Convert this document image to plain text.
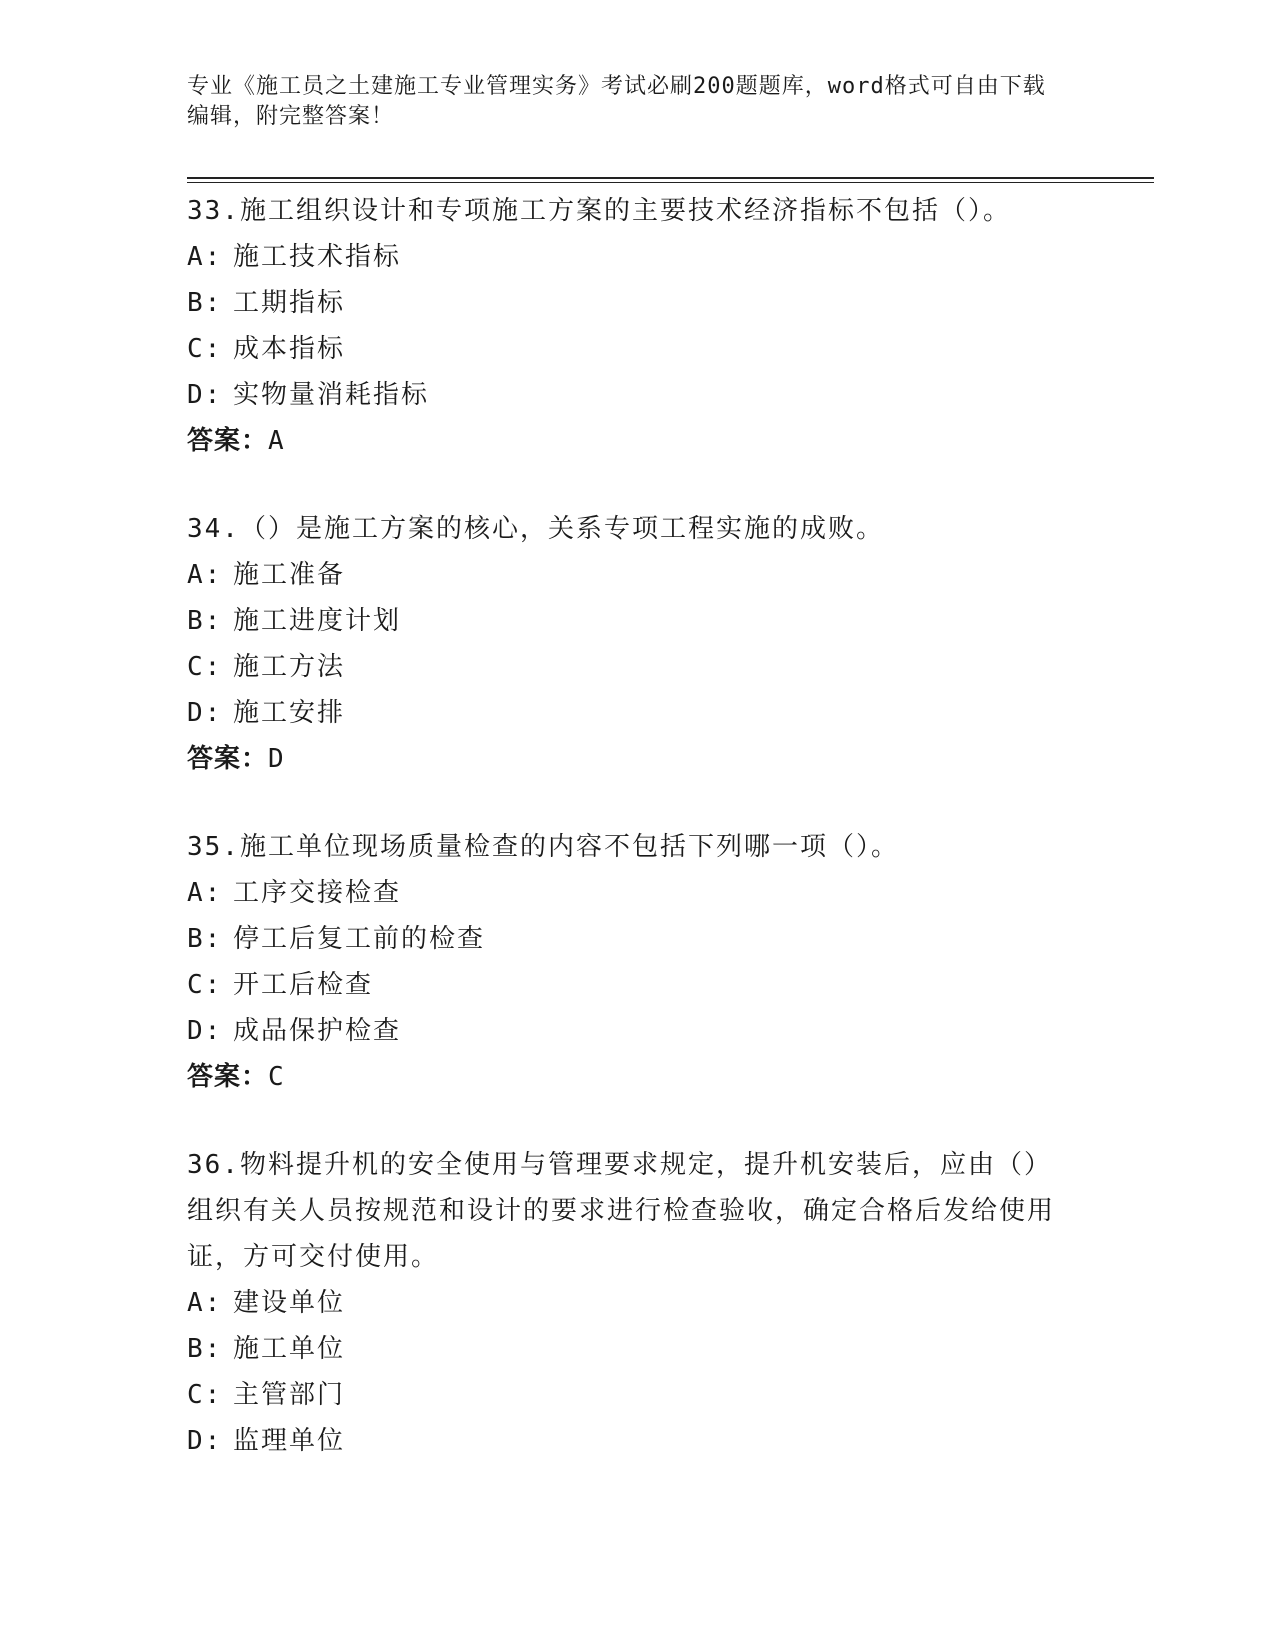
专业《施工员之土建施工专业管理实务》考试必刷200题题库，word格式可自由下载编辑，附完整答案！

33.施工组织设计和专项施工方案的主要技术经济指标不包括（）。

A: 施工技术指标
B: 工期指标
C: 成本指标
D: 实物量消耗指标

答案：A

34.（）是施工方案的核心，关系专项工程实施的成败。

A: 施工准备
B: 施工进度计划
C: 施工方法
D: 施工安排

答案：D

35.施工单位现场质量检查的内容不包括下列哪一项（）。

A: 工序交接检查
B: 停工后复工前的检查
C: 开工后检查
D: 成品保护检查

答案：C

36.物料提升机的安全使用与管理要求规定，提升机安装后，应由（）组织有关人员按规范和设计的要求进行检查验收，确定合格后发给使用证，方可交付使用。

A: 建设单位
B: 施工单位
C: 主管部门
D: 监理单位
